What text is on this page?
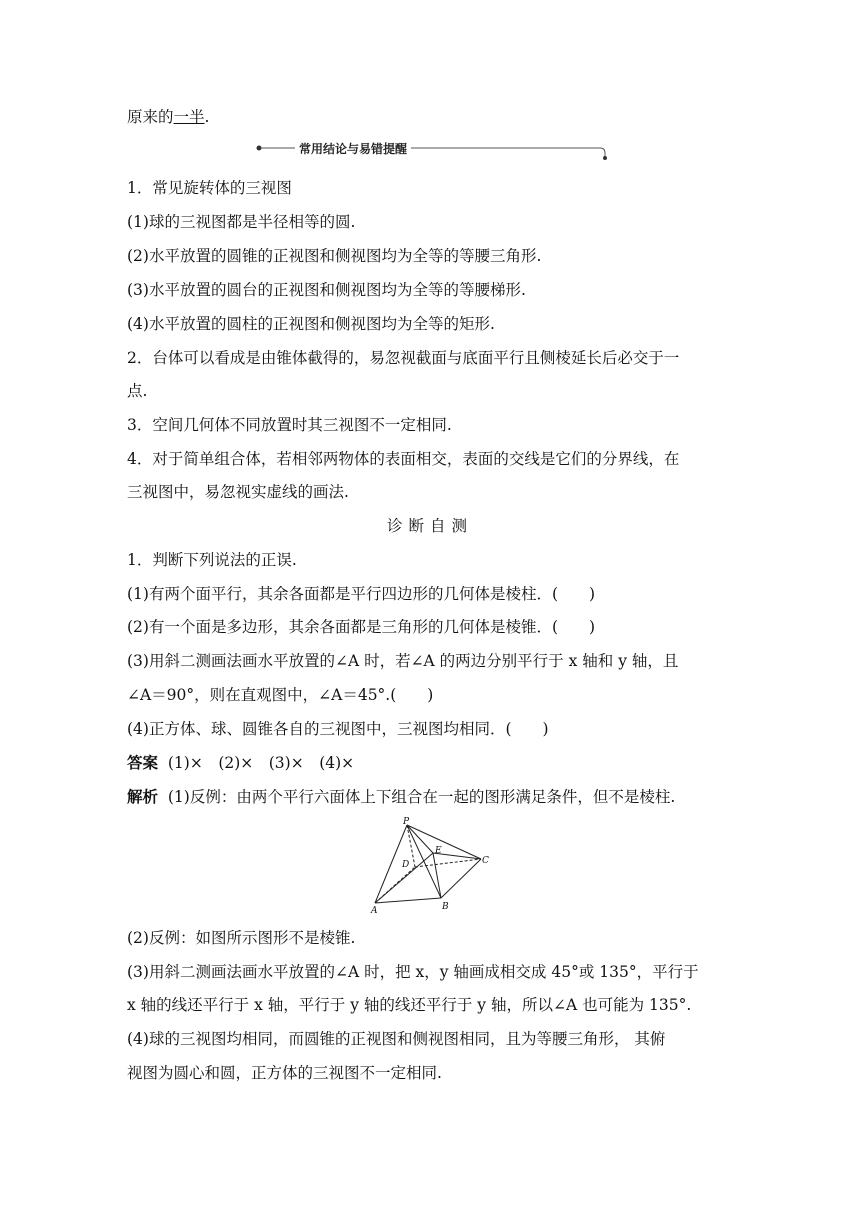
原来的一半.
常用结论与易错提醒
1．常见旋转体的三视图
(1)球的三视图都是半径相等的圆.
(2)水平放置的圆锥的正视图和侧视图均为全等的等腰三角形.
(3)水平放置的圆台的正视图和侧视图均为全等的等腰梯形.
(4)水平放置的圆柱的正视图和侧视图均为全等的矩形.
2．台体可以看成是由锥体截得的，易忽视截面与底面平行且侧棱延长后必交于一
点.
3．空间几何体不同放置时其三视图不一定相同.
4．对于简单组合体，若相邻两物体的表面相交，表面的交线是它们的分界线，在
三视图中，易忽视实虚线的画法.
诊断自测
1．判断下列说法的正误.
(1)有两个面平行，其余各面都是平行四边形的几何体是棱柱．(　　)
(2)有一个面是多边形，其余各面都是三角形的几何体是棱锥．(　　)
(3)用斜二测画法画水平放置的∠A 时，若∠A 的两边分别平行于 x 轴和 y 轴，且
∠A＝90°，则在直观图中，∠A＝45°.(　　)
(4)正方体、球、圆锥各自的三视图中，三视图均相同．(　　)
答案 (1)×　(2)×　(3)×　(4)×
解析 (1)反例：由两个平行六面体上下组合在一起的图形满足条件，但不是棱柱.
P
D
E
C
A	B
(2)反例：如图所示图形不是棱锥.
(3)用斜二测画法画水平放置的∠A 时，把 x，y 轴画成相交成 45°或 135°，平行于
x 轴的线还平行于 x 轴，平行于 y 轴的线还平行于 y 轴，所以∠A 也可能为 135°.
(4)球的三视图均相同，而圆锥的正视图和侧视图相同，且为等腰三角形， 其俯
视图为圆心和圆，正方体的三视图不一定相同.
